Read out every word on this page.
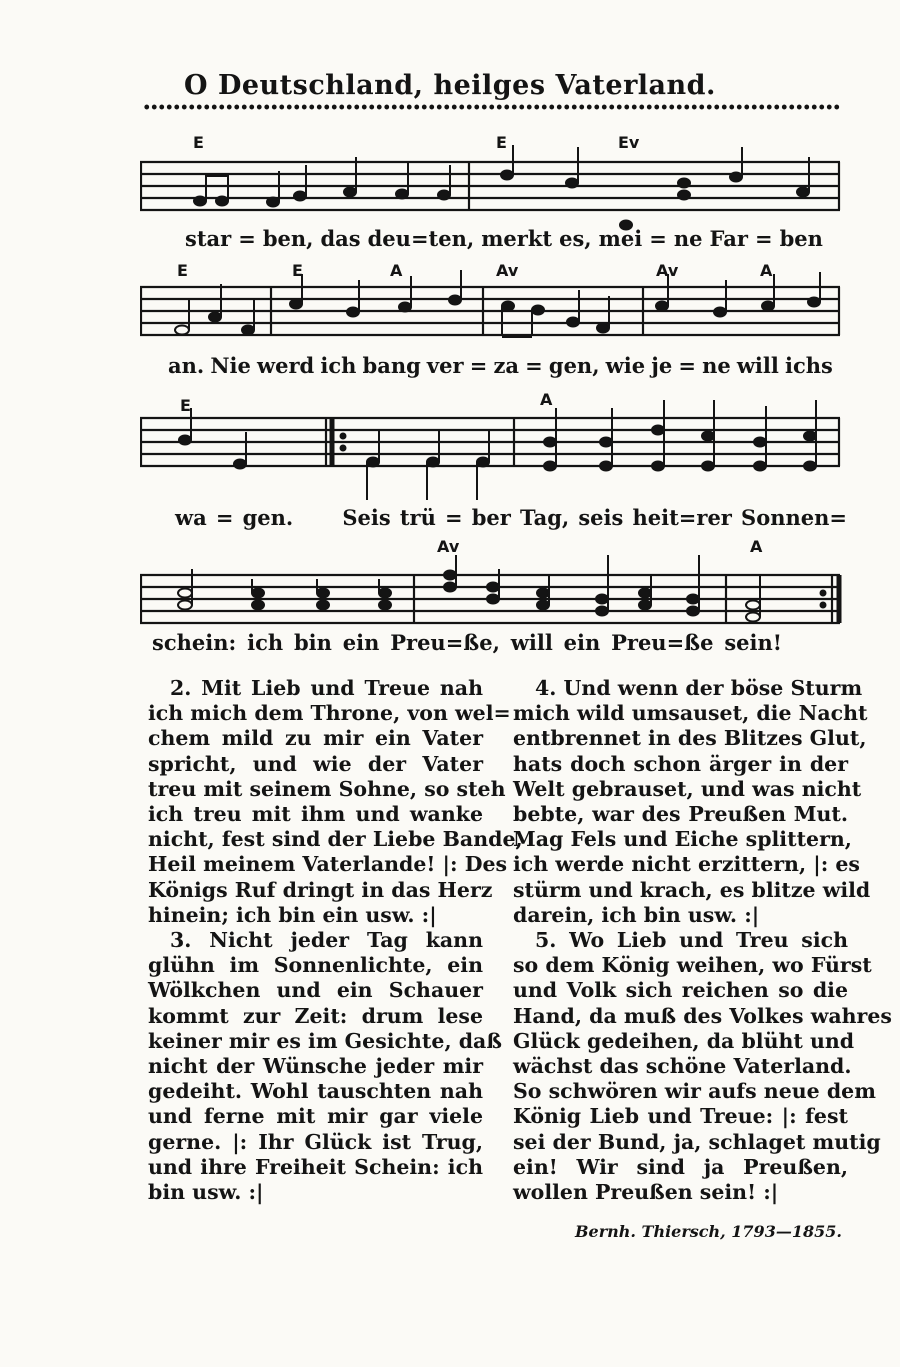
O Deutschland, heilges Vaterland.
E	E	Ev
star = ben, das deu=ten, merkt es, mei = ne Far = ben
E	E	A	Av	Av	A
an. Nie werd ich bang ver = za = gen, wie je = ne will ichs
E	A
wa = gen. Seis trü = ber Tag, seis heit=rer Sonnen=
Av	A
schein: ich bin ein Preu=ße, will ein Preu=ße sein!
2. Mit Lieb und Treue nah
ich mich dem Throne, von wel=
chem mild zu mir ein Vater
spricht, und wie der Vater
treu mit seinem Sohne, so steh
ich treu mit ihm und wanke
nicht, fest sind der Liebe Bande,
Heil meinem Vaterlande! |: Des
Königs Ruf dringt in das Herz
hinein; ich bin ein usw. :|
3. Nicht jeder Tag kann
glühn im Sonnenlichte, ein
Wölkchen und ein Schauer
kommt zur Zeit: drum lese
keiner mir es im Gesichte, daß
nicht der Wünsche jeder mir
gedeiht. Wohl tauschten nah
und ferne mit mir gar viele
gerne. |: Ihr Glück ist Trug,
und ihre Freiheit Schein: ich
bin usw. :|
4. Und wenn der böse Sturm
mich wild umsauset, die Nacht
entbrennet in des Blitzes Glut,
hats doch schon ärger in der
Welt gebrauset, und was nicht
bebte, war des Preußen Mut.
Mag Fels und Eiche splittern,
ich werde nicht erzittern, |: es
stürm und krach, es blitze wild
darein, ich bin usw. :|
5. Wo Lieb und Treu sich
so dem König weihen, wo Fürst
und Volk sich reichen so die
Hand, da muß des Volkes wahres
Glück gedeihen, da blüht und
wächst das schöne Vaterland.
So schwören wir aufs neue dem
König Lieb und Treue: |: fest
sei der Bund, ja, schlaget mutig
ein! Wir sind ja Preußen,
wollen Preußen sein! :|
Bernh. Thiersch, 1793—1855.
